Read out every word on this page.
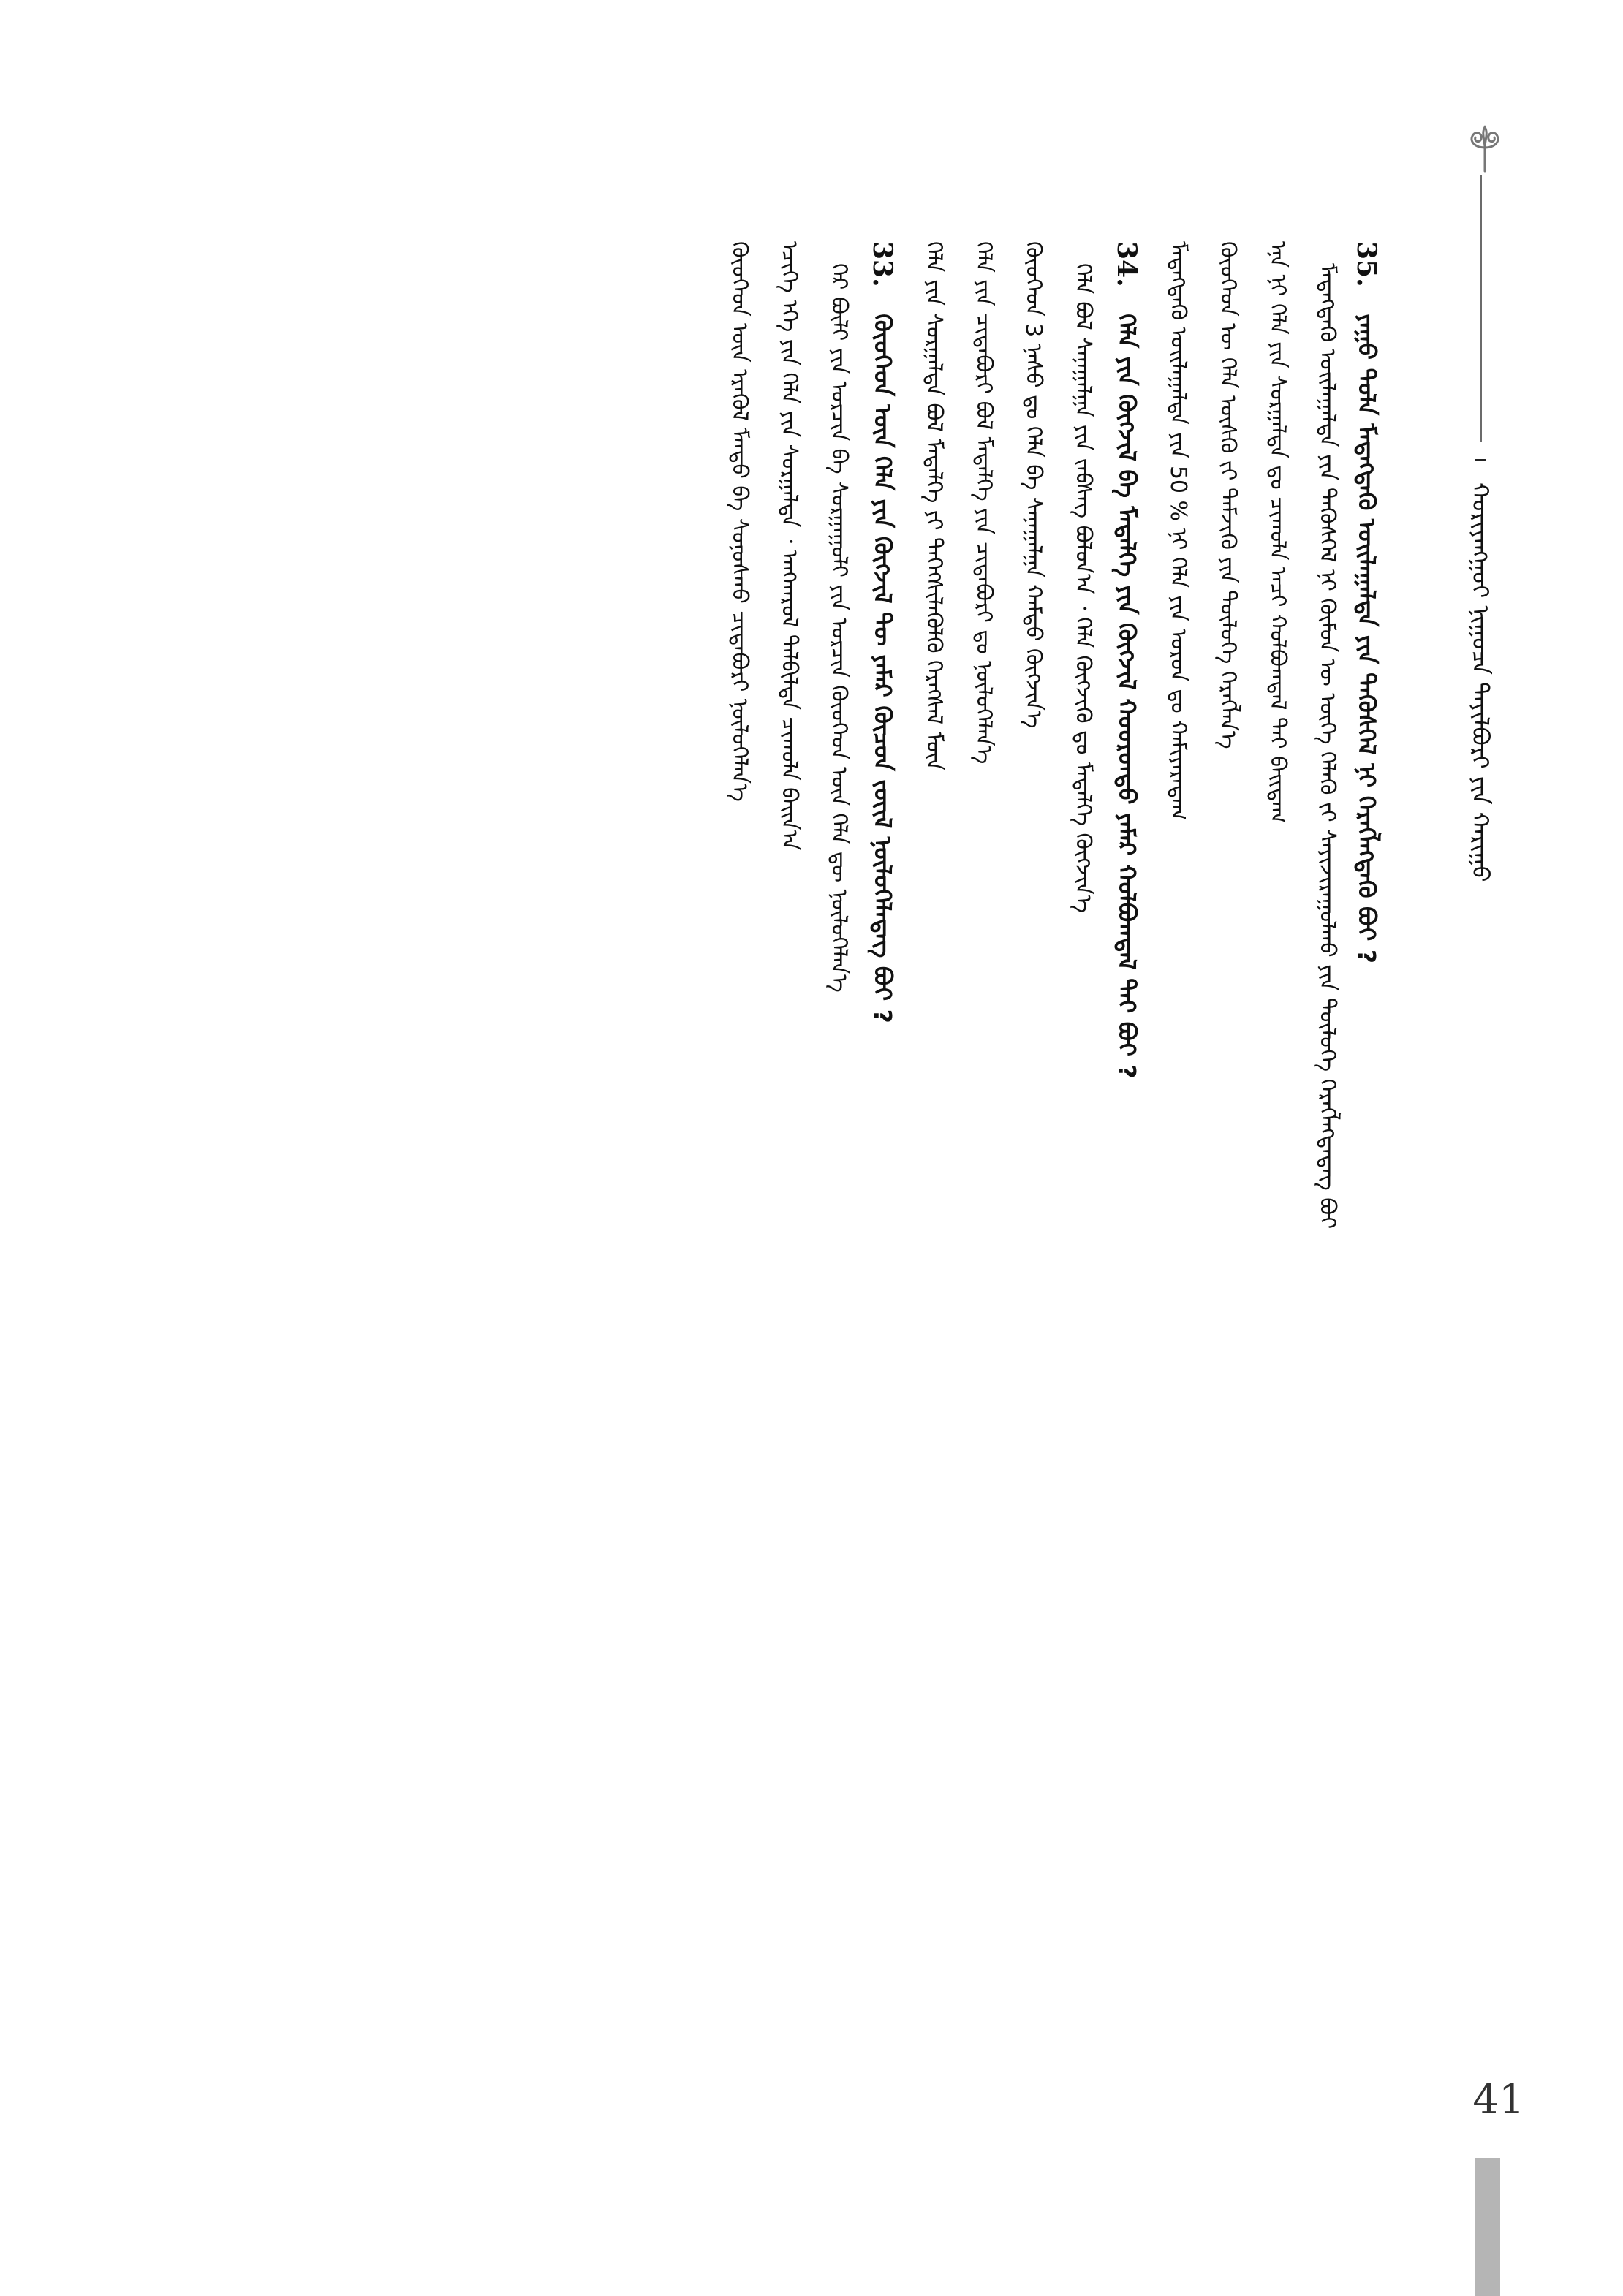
ᠬᠤᠷᠢᠶᠠᠩᠭᠤᠢ ᠨᠢᠭᠤᠴᠠ ᠲᠠᠶᠢᠯᠪᠤᠷᠢ ᠶᠢᠨ ᠬᠠᠷᠢᠭᠤ
35. ᠶᠠᠭᠤ ᠲᠤᠯᠠ ᠮᠡᠳᠡᠭᠳᠡᠬᠦ ᠣᠢᠯᠠᠭᠠᠯᠲᠠ ᠶᠢᠨ ᠲᠡᠭᠦᠰᠬᠡᠯ ᠨᠢ ᠬᠡᠷᠡᠭᠯᠡᠭᠳᠡᠬᠦ ᠪᠤᠢ ?
ᠮᠡᠳᠡᠭᠳᠡᠬᠦ ᠣᠢᠯᠠᠭᠠᠯᠲᠠ ᠶᠢᠨ ᠲᠡᠭᠦᠰᠬᠡᠯ ᠨᠢ ᠬᠦᠮᠦᠨ ᠦ ᠥᠭᠡ ᠬᠡᠯᠡᠬᠦ ᠵᠢ ᠰᠠᠶᠢᠵᠢᠷᠠᠭᠤᠯᠬᠤ ᠶᠢᠨ ᠲᠥᠯᠦᠭᠡ ᠬᠡᠷᠡᠭᠯᠡᠭᠳᠡᠳᠡᠭ ᠪᠤᠢ
ᠡᠨᠡ ᠨᠢ ᠬᠡᠯᠡ ᠶᠢᠨ ᠰᠤᠷᠭᠠᠯᠲᠠ ᠳᠤ ᠴᠢᠬᠤᠯᠠ ᠠᠴᠢ ᠬᠣᠯᠪᠣᠭᠳᠠᠯ ᠲᠠᠢ ᠪᠠᠢᠳᠠᠭ
ᠬᠦᠦᠬᠡᠳ ᠦ ᠬᠡᠯᠡ ᠥᠰᠬᠦ ᠵᠢ ᠳᠡᠮᠵᠢᠬᠦ ᠶᠢᠨ ᠲᠥᠯᠦᠭᠡ ᠬᠡᠷᠡᠭᠯᠡᠨ᠎ᠡ
ᠮᠡᠳᠡᠭᠳᠡᠬᠦ ᠣᠢᠯᠠᠭᠠᠯᠲᠠ ᠶᠢᠨ 50 % ᠨᠢ ᠬᠡᠯᠡ ᠶᠢᠨ ᠤᠷᠤᠨ ᠳᠤ ᠬᠠᠮᠢᠶᠠᠷᠠᠳᠠᠭ
34. ᠬᠡᠯᠡ ᠶᠢᠨ ᠬᠥᠭᠵᠢᠯ ᠪᠠ ᠮᠡᠳᠡᠯᠭᠡ ᠶᠢᠨ ᠬᠥᠭᠵᠢᠯ ᠬᠣᠣᠷᠣᠨᠳᠣ ᠶᠠᠮᠠᠷ ᠬᠣᠯᠪᠣᠭᠳᠠᠯ ᠲᠠᠢ ᠪᠤᠢ ?
ᠬᠡᠯᠡ ᠪᠣᠯ ᠰᠠᠨᠠᠭᠠᠯᠭᠠ ᠶᠢᠨ ᠵᠡᠪᠰᠡᠭ ᠪᠣᠯᠤᠨ᠎ᠠ ᠂ ᠬᠡᠯᠡ ᠬᠥᠭᠵᠢᠬᠦ ᠳᠤ ᠮᠡᠳᠡᠯᠭᠡ ᠬᠥᠭᠵᠢᠨ᠎ᠡ
ᠬᠦᠦᠬᠡᠳ 3 ᠨᠠᠰᠤ ᠳᠤ ᠬᠡᠯᠡ ᠪᠠ ᠰᠠᠨᠠᠭᠠᠯᠭᠠ ᠬᠠᠮᠲᠤ ᠬᠥᠭᠵᠢᠨ᠎ᠡ
ᠬᠡᠯᠡ ᠶᠢᠨ ᠴᠢᠳᠠᠪᠤᠷᠢ ᠪᠣᠯ ᠮᠡᠳᠡᠯᠭᠡ ᠶᠢᠨ ᠴᠢᠳᠠᠪᠤᠷᠢ ᠳᠤ ᠨᠥᠯᠥᠭᠡᠯᠡᠨ᠎ᠡ
ᠬᠡᠯᠡ ᠶᠢᠨ ᠰᠤᠷᠭᠠᠯᠲᠠ ᠪᠣᠯ ᠮᠡᠳᠡᠯᠭᠡ ᠶᠢ ᠳᠡᠭᠡᠭᠰᠢᠯᠡᠭᠦᠯᠬᠦ ᠬᠡᠷᠡᠭᠰᠡᠯ ᠮᠥᠨ
33. ᠬᠦᠦᠬᠡᠳ ᠦᠨ ᠬᠡᠯᠡ ᠶᠢᠨ ᠬᠥᠭᠵᠢᠯ ᠲᠦ ᠶᠠᠮᠠᠷ ᠬᠦᠴᠦᠨ ᠵᠦᠢᠯ ᠨᠥᠯᠥᠭᠡᠯᠡᠳᠡᠭ ᠪᠤᠢ ?
ᠭᠡᠷ ᠪᠦᠯᠢ ᠶᠢᠨ ᠣᠷᠴᠢᠨ ᠪᠠ ᠰᠤᠷᠭᠠᠭᠤᠯᠢ ᠶᠢᠨ ᠣᠷᠴᠢᠨ ᠬᠦᠦᠬᠡᠳ ᠦᠨ ᠬᠡᠯᠡ ᠳᠦ ᠨᠥᠯᠥᠭᠡᠯᠡᠨ᠎ᠡ
ᠡᠴᠢᠭᠡ ᠡᠬᠡ ᠶᠢᠨ ᠬᠡᠯᠡ ᠶᠢᠨ ᠰᠤᠷᠭᠠᠯᠲᠠ ᠂ ᠠᠩᠬᠠᠷᠤᠯ ᠲᠠᠯᠪᠢᠯᠲᠠ ᠴᠢᠬᠤᠯᠠ ᠪᠠᠢᠨ᠎ᠠ
ᠬᠦᠦᠬᠡᠳ ᠦᠨ ᠡᠷᠡᠭᠦᠯ ᠮᠡᠨᠳᠦ ᠪᠠ ᠰᠣᠨᠣᠰᠬᠤ ᠴᠢᠳᠠᠪᠤᠷᠢ ᠨᠥᠯᠥᠭᠡᠯᠡᠨ᠎ᠡ
41
